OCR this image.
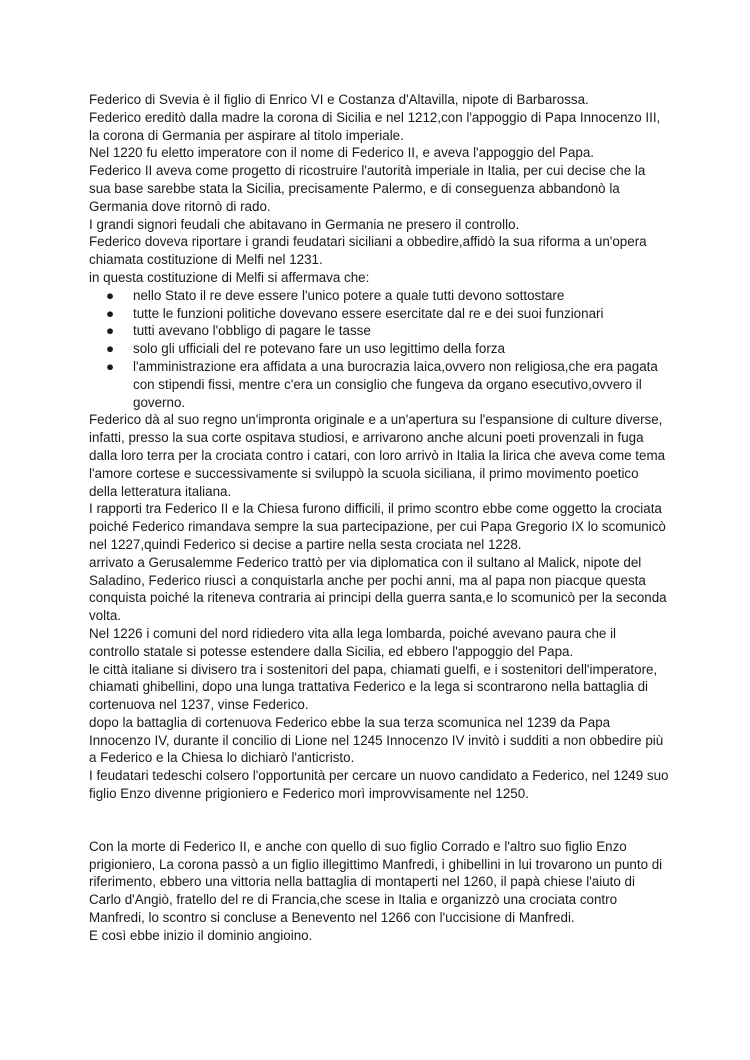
Federico di Svevia è il figlio di Enrico VI e Costanza d'Altavilla, nipote di Barbarossa.

Federico ereditò dalla madre la corona di Sicilia e nel 1212,con l'appoggio di Papa Innocenzo III, la corona di Germania per aspirare al titolo imperiale.

Nel 1220 fu eletto imperatore con il nome di Federico II, e aveva l'appoggio del Papa.

Federico II aveva come progetto di ricostruire l'autorità imperiale in Italia, per cui decise che la sua base sarebbe stata la Sicilia, precisamente Palermo, e di conseguenza abbandonò la Germania dove ritornò di rado.

I grandi signori feudali che abitavano in Germania ne presero il controllo.

Federico doveva riportare i grandi feudatari siciliani a obbedire,affidò la sua riforma a un'opera chiamata costituzione di Melfi nel 1231.

in questa costituzione di Melfi si affermava che:

● nello Stato il re deve essere l'unico potere a quale tutti devono sottostare
● tutte le funzioni politiche dovevano essere esercitate dal re e dei suoi funzionari
● tutti avevano l'obbligo di pagare le tasse
● solo gli ufficiali del re potevano fare un uso legittimo della forza
● l'amministrazione era affidata a una burocrazia laica,ovvero non religiosa,che era pagata con stipendi fissi, mentre c'era un consiglio che fungeva da organo esecutivo,ovvero il governo.

Federico dà al suo regno un'impronta originale e a un'apertura su l'espansione di culture diverse, infatti, presso la sua corte ospitava studiosi, e arrivarono anche alcuni poeti provenzali in fuga dalla loro terra per la crociata contro i catari, con loro arrivò in Italia la lirica che aveva come tema l'amore cortese e successivamente si sviluppò la scuola siciliana, il primo movimento poetico della letteratura italiana.

I rapporti tra Federico II e la Chiesa furono difficili, il primo scontro ebbe come oggetto la crociata poiché Federico rimandava sempre la sua partecipazione, per cui Papa Gregorio IX lo scomunicò nel 1227,quindi Federico si decise a partire nella sesta crociata nel 1228.

arrivato a Gerusalemme Federico trattò per via diplomatica con il sultano al Malick, nipote del Saladino, Federico riuscì a conquistarla anche per pochi anni, ma al papa non piacque questa conquista poiché la riteneva contraria ai principi della guerra santa,e lo scomunicò per la seconda volta.

Nel 1226 i comuni del nord ridiedero vita alla lega lombarda, poiché avevano paura che il controllo statale si potesse estendere dalla Sicilia, ed ebbero l'appoggio del Papa.

le città italiane si divisero tra i sostenitori del papa, chiamati guelfi, e i sostenitori dell'imperatore, chiamati ghibellini, dopo una lunga trattativa Federico e la lega si scontrarono nella battaglia di cortenuova nel 1237, vinse Federico.

dopo la battaglia di cortenuova Federico ebbe la sua terza scomunica nel 1239 da Papa Innocenzo IV, durante il concilio di Lione nel 1245 Innocenzo IV invitò i sudditi a non obbedire più a Federico e la Chiesa lo dichiarò l'anticristo.

I feudatari tedeschi colsero l'opportunità per cercare un nuovo candidato a Federico, nel 1249 suo figlio Enzo divenne prigioniero e Federico morì improvvisamente nel 1250.

Con la morte di Federico II, e anche con quello di suo figlio Corrado e l'altro suo figlio Enzo prigioniero, La corona passò a un figlio illegittimo Manfredi, i ghibellini in lui trovarono un punto di riferimento, ebbero una vittoria nella battaglia di montaperti nel 1260, il papà chiese l'aiuto di Carlo d'Angiò, fratello del re di Francia,che scese in Italia e organizzò una crociata contro Manfredi, lo scontro si concluse a Benevento nel 1266 con l'uccisione di Manfredi.

E così ebbe inizio il dominio angioino.
